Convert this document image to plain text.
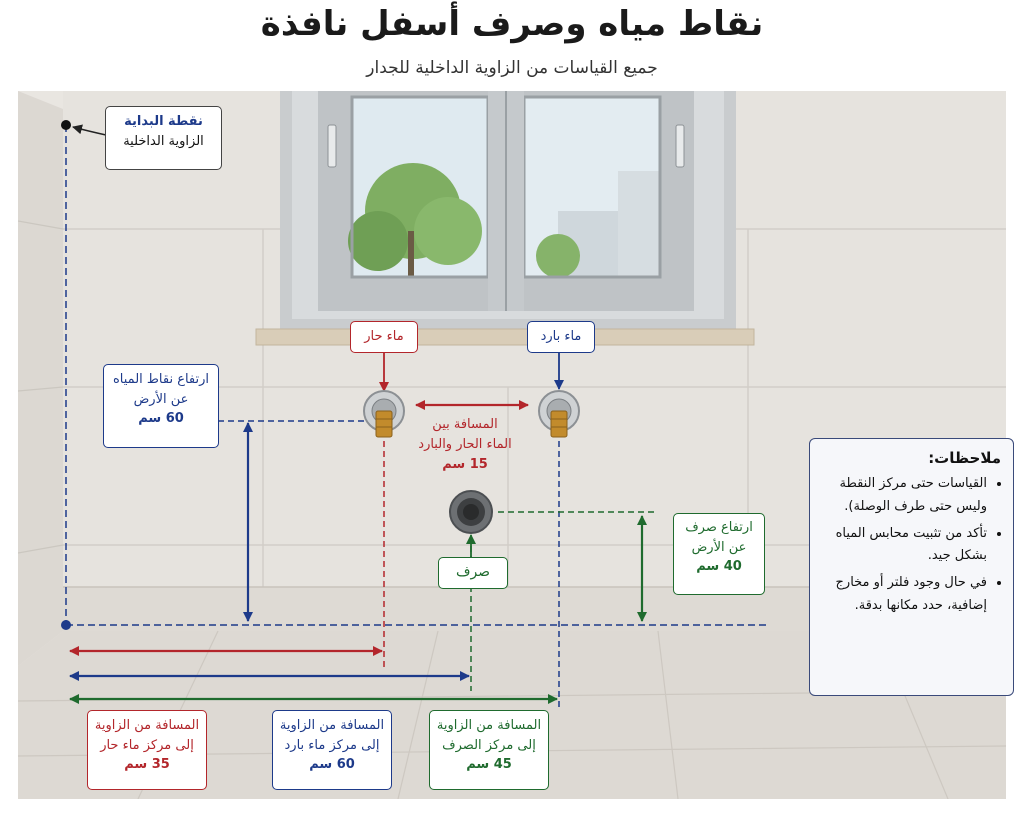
نقاط مياه وصرف أسفل نافذة
جميع القياسات من الزاوية الداخلية للجدار
نقطة البداية
الزاوية الداخلية
ماء حار	ماء بارد
ارتفاع نقاط المياه
عن الأرض
60 سم	المسافة بين
الماء الحار والبارد
15 سم
صرف
ارتفاع صرف
عن الأرض
40 سم
المسافة من الزاوية
إلى مركز ماء حار
35 سم
المسافة من الزاوية
إلى مركز ماء بارد
60 سم
المسافة من الزاوية
إلى مركز الصرف
45 سم
ملاحظات:
• القياسات حتى مركز النقطة وليس حتى طرف الوصلة).
• تأكد من تثبيت محابس المياه بشكل جيد.
• في حال وجود فلتر أو مخارج إضافية، حدد مكانها بدقة.
